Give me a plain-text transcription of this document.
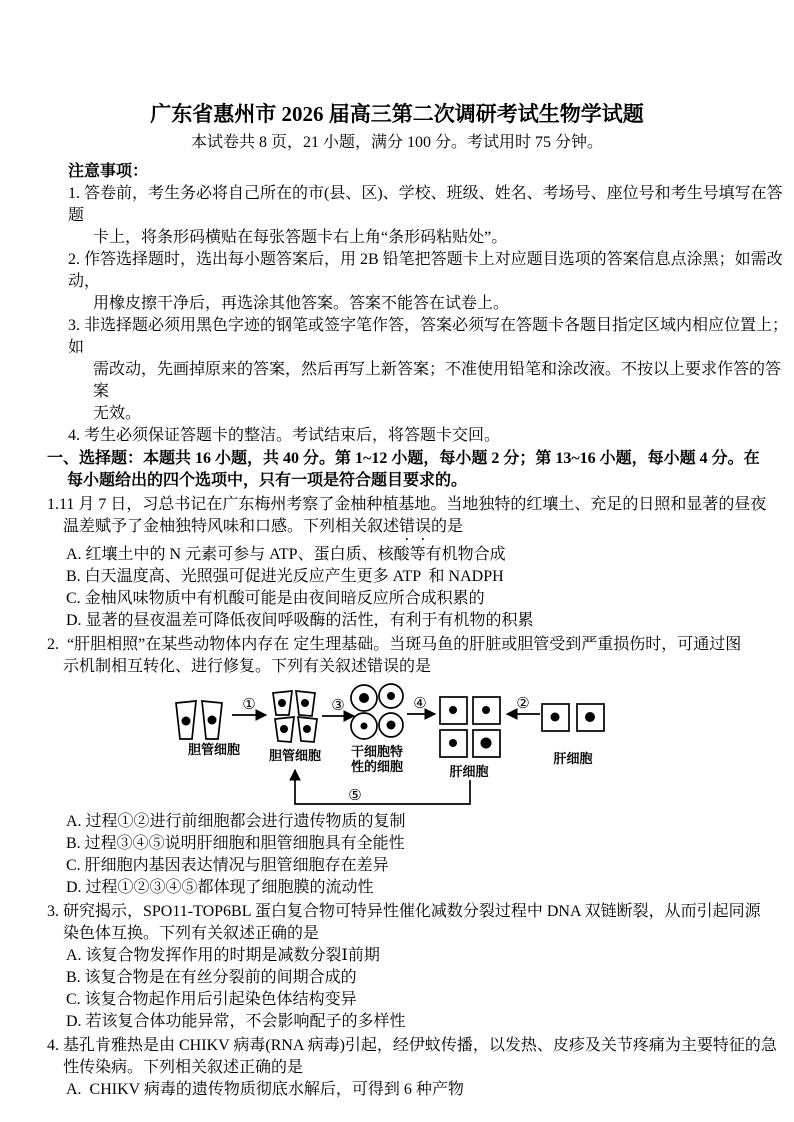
广东省惠州市 2026 届高三第二次调研考试生物学试题
本试卷共 8 页，21 小题，满分 100 分。考试用时 75 分钟。
注意事项：
1. 答卷前，考生务必将自己所在的市(县、区)、学校、班级、姓名、考场号、座位号和考生号填写在答题
卡上，将条形码横贴在每张答题卡右上角“条形码粘贴处”。
2. 作答选择题时，选出每小题答案后，用 2B 铅笔把答题卡上对应题目选项的答案信息点涂黑；如需改动，
用橡皮擦干净后，再选涂其他答案。答案不能答在试卷上。
3. 非选择题必须用黑色字迹的钢笔或签字笔作答，答案必须写在答题卡各题目指定区域内相应位置上；如
需改动，先画掉原来的答案，然后再写上新答案；不准使用铅笔和涂改液。不按以上要求作答的答案
无效。
4. 考生必须保证答题卡的整洁。考试结束后，将答题卡交回。
一、选择题：本题共 16 小题，共 40 分。第 1~12 小题，每小题 2 分；第 13~16 小题，每小题 4 分。在
每小题给出的四个选项中，只有一项是符合题目要求的。
1.11 月 7 日，习总书记在广东梅州考察了金柚种植基地。当地独特的红壤土、充足的日照和显著的昼夜
温差赋予了金柚独特风味和口感。下列相关叙述错误的是
A. 红壤土中的 N 元素可参与 ATP、蛋白质、核酸等有机物合成
B. 白天温度高、光照强可促进光反应产生更多 ATP  和 NADPH
C. 金柚风味物质中有机酸可能是由夜间暗反应所合成积累的
D. 显著的昼夜温差可降低夜间呼吸酶的活性，有利于有机物的积累
2.  “肝胆相照”在某些动物体内存在 定生理基础。当斑马鱼的肝脏或胆管受到严重损伤时，可通过图
示机制相互转化、进行修复。下列有关叙述错误的是
胆管细胞
①
胆管细胞
③
干细胞特
性的细胞
④
肝细胞
②
肝细胞
⑤
A. 过程①②进行前细胞都会进行遗传物质的复制
B. 过程③④⑤说明肝细胞和胆管细胞具有全能性
C. 肝细胞内基因表达情况与胆管细胞存在差异
D. 过程①②③④⑤都体现了细胞膜的流动性
3. 研究揭示，SPO11-TOP6BL 蛋白复合物可特异性催化减数分裂过程中 DNA 双链断裂，从而引起同源
染色体互换。下列有关叙述正确的是
A. 该复合物发挥作用的时期是减数分裂Ⅰ前期
B. 该复合物是在有丝分裂前的间期合成的
C. 该复合物起作用后引起染色体结构变异
D. 若该复合体功能异常，不会影响配子的多样性
4. 基孔肯雅热是由 CHIKV 病毒(RNA 病毒)引起，经伊蚊传播，以发热、皮疹及关节疼痛为主要特征的急
性传染病。下列相关叙述正确的是
A.  CHIKV 病毒的遗传物质彻底水解后，可得到 6 种产物
